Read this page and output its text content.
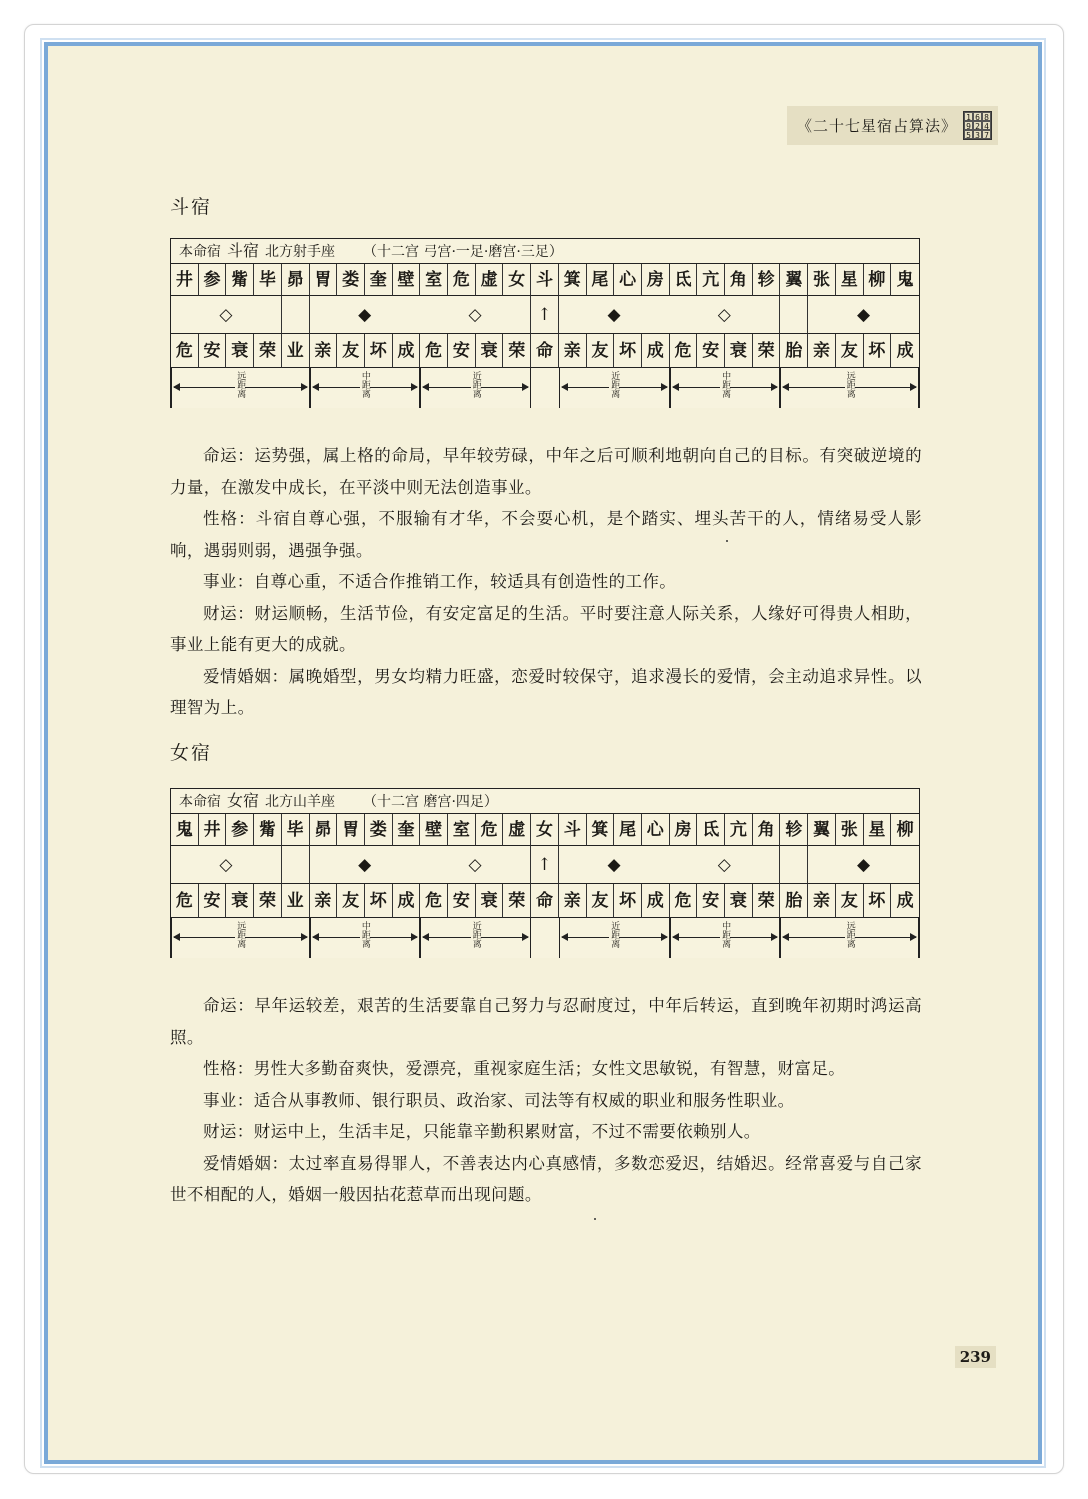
《二十七星宿占算法》 1 6 8
9 2 4
5 3 7
斗宿
本命宿 斗宿 北方射手座 （十二宫 弓宫·一足·磨宫·三足）
井 参 觜 毕 昴 胃 娄 奎 壁 室 危 虚 女 斗 箕 尾 心 房 氐 亢 角 轸 翼 张 星 柳 鬼
◇	◆	◇	↑	◆	◇	◆
危 安 衰 荣 业 亲 友 坏 成 危 安 衰 荣 命 亲 友 坏 成 危 安 衰 荣 胎 亲 友 坏 成
远距离	中距离	近距离	近距离	中距离	远距离

命运：运势强，属上格的命局，早年较劳碌，中年之后可顺利地朝向自己的目标。有突破逆境的力量，在激发中成长，在平淡中则无法创造事业。

性格：斗宿自尊心强，不服输有才华，不会耍心机，是个踏实、埋头苦干的人，情绪易受人影响，遇弱则弱，遇强争强。

事业：自尊心重，不适合作推销工作，较适具有创造性的工作。

财运：财运顺畅，生活节俭，有安定富足的生活。平时要注意人际关系，人缘好可得贵人相助，事业上能有更大的成就。

爱情婚姻：属晚婚型，男女均精力旺盛，恋爱时较保守，追求漫长的爱情，会主动追求异性。以理智为上。

女宿
本命宿 女宿 北方山羊座 （十二宫 磨宫·四足）
鬼 井 参 觜 毕 昴 胃 娄 奎 壁 室 危 虚 女 斗 箕 尾 心 房 氐 亢 角 轸 翼 张 星 柳
◇	◆	◇	↑	◆	◇	◆
危 安 衰 荣 业 亲 友 坏 成 危 安 衰 荣 命 亲 友 坏 成 危 安 衰 荣 胎 亲 友 坏 成
远距离	中距离	近距离	近距离	中距离	远距离

命运：早年运较差，艰苦的生活要靠自己努力与忍耐度过，中年后转运，直到晚年初期时鸿运高照。

性格：男性大多勤奋爽快，爱漂亮，重视家庭生活；女性文思敏锐，有智慧，财富足。

事业：适合从事教师、银行职员、政治家、司法等有权威的职业和服务性职业。

财运：财运中上，生活丰足，只能靠辛勤积累财富，不过不需要依赖别人。

爱情婚姻：太过率直易得罪人，不善表达内心真感情，多数恋爱迟，结婚迟。经常喜爱与自己家世不相配的人，婚姻一般因拈花惹草而出现问题。

239
